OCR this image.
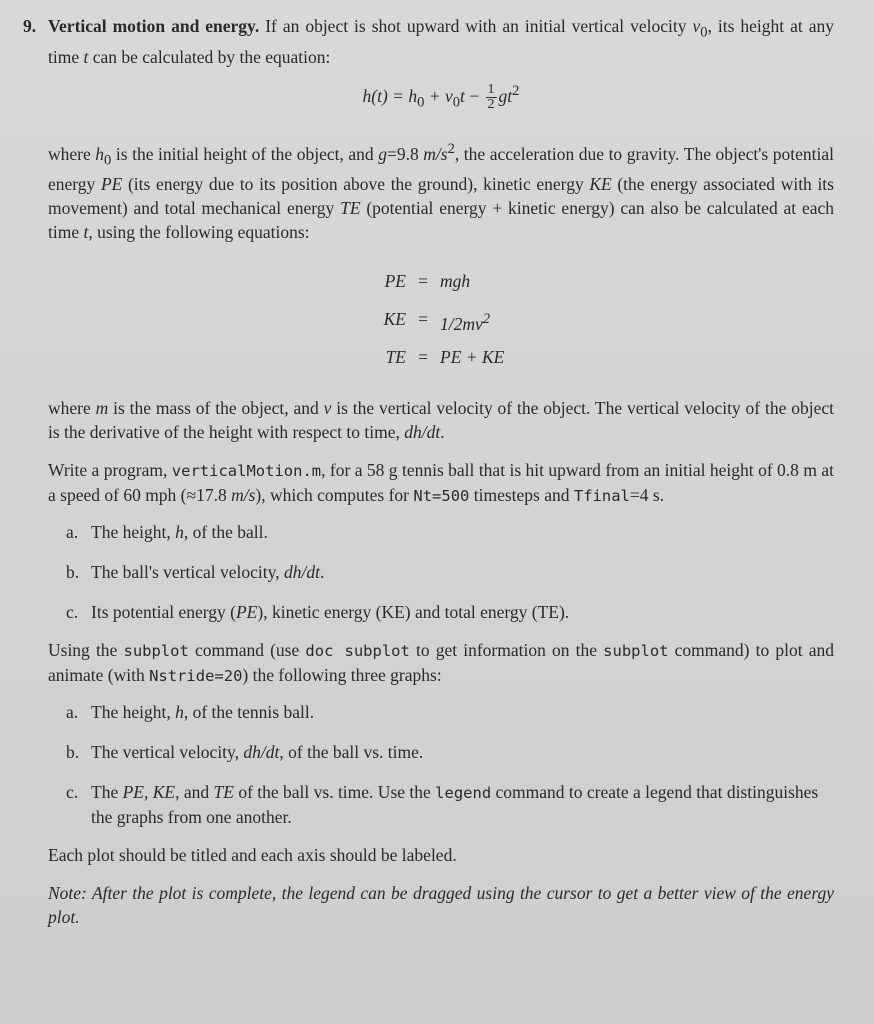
9. Vertical motion and energy. If an object is shot upward with an initial vertical velocity $v_0$, its height at any time t can be calculated by the equation:

$h(t) = h_0 + v_0t - \frac{1}{2} gt^2$

where $h_0$ is the initial height of the object, and g=9.8 $m/s^2$, the acceleration due to gravity. The object's potential energy PE (its energy due to its position above the ground), kinetic energy KE (the energy associated with its movement) and total mechanical energy TE (potential energy + kinetic energy) can also be calculated at each time t, using the following equations:

PE = mgh
KE = $1/2mv^2$
TE = PE + KE

where m is the mass of the object, and v is the vertical velocity of the object. The vertical velocity of the object is the derivative of the height with respect to time, dh/dt.

Write a program, verticalMotion.m, for a 58 g tennis ball that is hit upward from an initial height of 0.8 m at a speed of 60 mph (≈17.8 m/s), which computes for Nt=500 timesteps and Tfinal=4 s.

a. The height, h, of the ball.
b. The ball's vertical velocity, dh/dt.
c. Its potential energy (PE), kinetic energy (KE) and total energy (TE).

Using the subplot command (use doc subplot to get information on the subplot command) to plot and animate (with Nstride=20) the following three graphs:

a. The height, h, of the tennis ball.
b. The vertical velocity, dh/dt, of the ball vs. time.
c. The PE, KE, and TE of the ball vs. time. Use the legend command to create a legend that distinguishes the graphs from one another.

Each plot should be titled and each axis should be labeled.

Note: After the plot is complete, the legend can be dragged using the cursor to get a better view of the energy plot.
